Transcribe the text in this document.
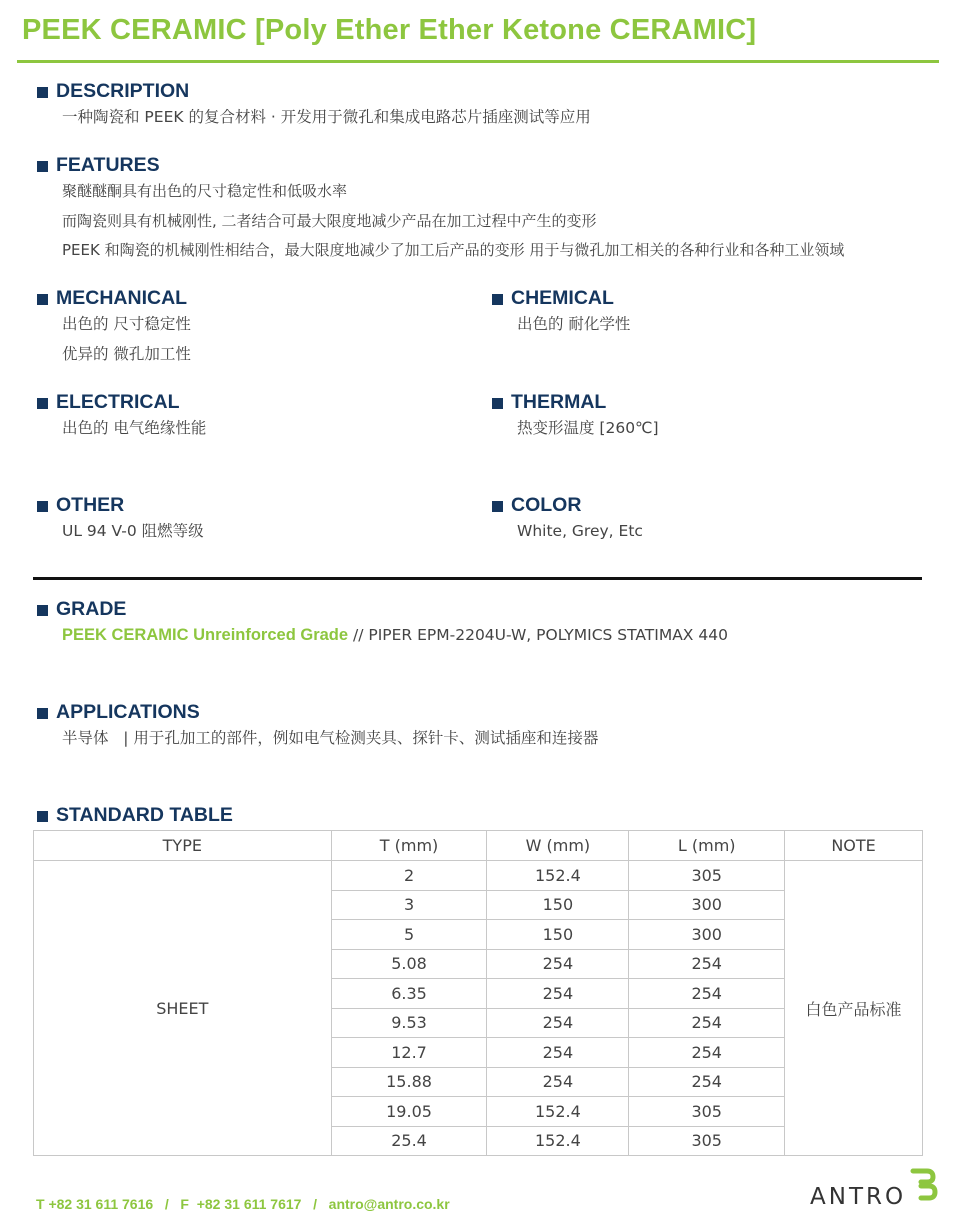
PEEK CERAMIC [Poly Ether Ether Ketone CERAMIC]
DESCRIPTION
一种陶瓷和 PEEK 的复合材料 · 开发用于微孔和集成电路芯片插座测试等应用
FEATURES
聚醚醚酮具有出色的尺寸稳定性和低吸水率
而陶瓷则具有机械刚性, 二者结合可最大限度地减少产品在加工过程中产生的变形
PEEK 和陶瓷的机械刚性相结合，最大限度地减少了加工后产品的变形 用于与微孔加工相关的各种行业和各种工业领域
MECHANICAL
出色的 尺寸稳定性
优异的 微孔加工性
CHEMICAL
出色的 耐化学性
ELECTRICAL
出色的 电气绝缘性能
THERMAL
热变形温度 [260℃]
OTHER
UL 94 V-0 阻燃等级
COLOR
White, Grey, Etc
GRADE
PEEK CERAMIC Unreinforced Grade // PIPER EPM-2204U-W, POLYMICS STATIMAX 440
APPLICATIONS
半导体   | 用于孔加工的部件，例如电气检测夹具、探针卡、测试插座和连接器
STANDARD TABLE
TYPE	T (mm)	W (mm)	L (mm)	NOTE
SHEET	2	152.4	305	白色产品标准
	3	150	300	
	5	150	300	
	5.08	254	254	
	6.35	254	254	
	9.53	254	254	
	12.7	254	254	
	15.88	254	254	
	19.05	152.4	305	
	25.4	152.4	305	
T +82 31 611 7616   /   F  +82 31 611 7617   /   antro@antro.co.kr	ANTRO
